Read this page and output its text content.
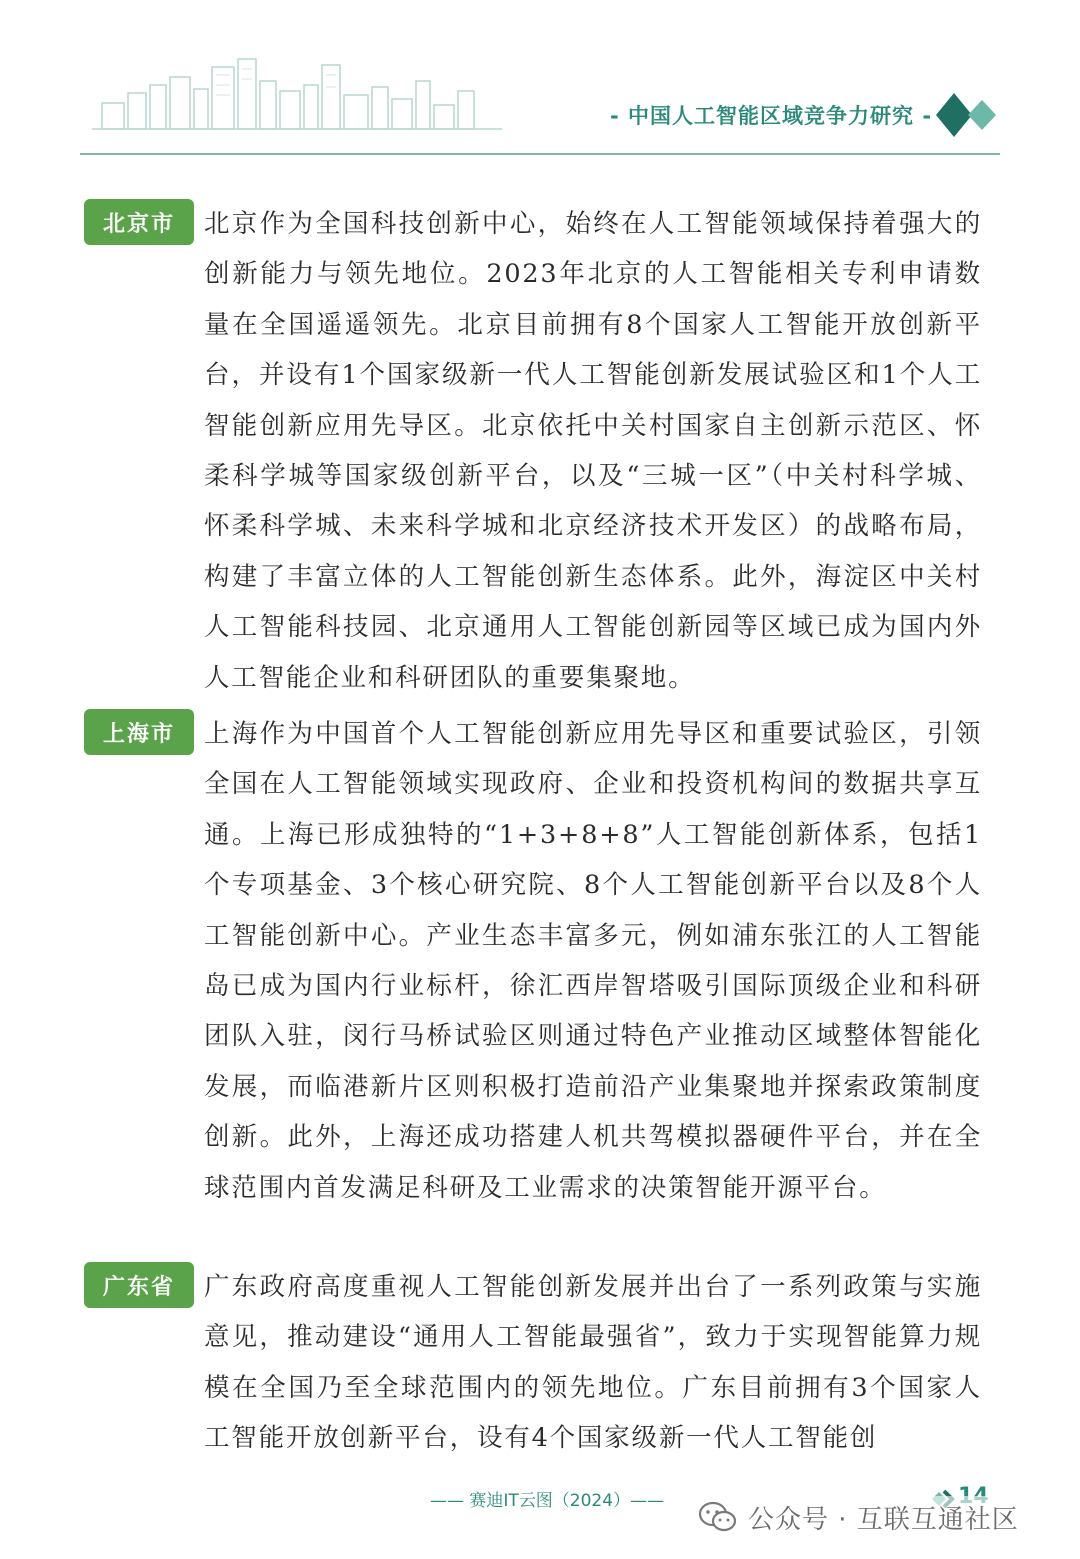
- 中国人工智能区域竞争力研究 -
北京市	北京作为全国科技创新中心，始终在人工智能领域保持着强大的创新能力与领先地位。2023年北京的人工智能相关专利申请数量在全国遥遥领先。北京目前拥有8个国家人工智能开放创新平台，并设有1个国家级新一代人工智能创新发展试验区和1个人工智能创新应用先导区。北京依托中关村国家自主创新示范区、怀柔科学城等国家级创新平台，以及“三城一区”（中关村科学城、怀柔科学城、未来科学城和北京经济技术开发区）的战略布局，构建了丰富立体的人工智能创新生态体系。此外，海淀区中关村人工智能科技园、北京通用人工智能创新园等区域已成为国内外人工智能企业和科研团队的重要集聚地。

上海市	上海作为中国首个人工智能创新应用先导区和重要试验区，引领全国在人工智能领域实现政府、企业和投资机构间的数据共享互通。上海已形成独特的“1+3+8+8”人工智能创新体系，包括1个专项基金、3个核心研究院、8个人工智能创新平台以及8个人工智能创新中心。产业生态丰富多元，例如浦东张江的人工智能岛已成为国内行业标杆，徐汇西岸智塔吸引国际顶级企业和科研团队入驻，闵行马桥试验区则通过特色产业推动区域整体智能化发展，而临港新片区则积极打造前沿产业集聚地并探索政策制度创新。此外，上海还成功搭建人机共驾模拟器硬件平台，并在全球范围内首发满足科研及工业需求的决策智能开源平台。

广东省	广东政府高度重视人工智能创新发展并出台了一系列政策与实施意见，推动建设“通用人工智能最强省”，致力于实现智能算力规模在全国乃至全球范围内的领先地位。广东目前拥有3个国家人工智能开放创新平台，设有4个国家级新一代人工智能创

—— 赛迪IT云图（2024）——
公众号 · 互联互通社区
